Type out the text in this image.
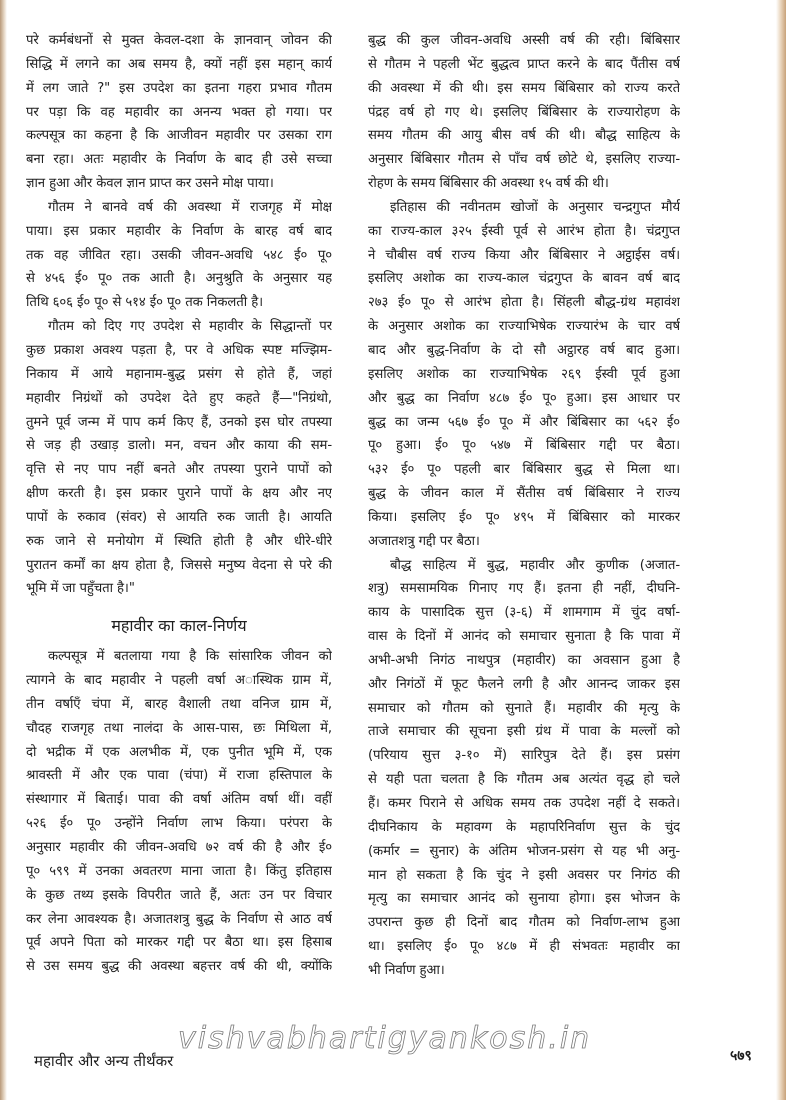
परे कर्मबंधनों से मुक्त केवल-दशा के ज्ञानवान् जोवन की
सिद्धि में लगने का अब समय है, क्यों नहीं इस महान् कार्य
में लग जाते ?" इस उपदेश का इतना गहरा प्रभाव गौतम
पर पड़ा कि वह महावीर का अनन्य भक्त हो गया। पर
कल्पसूत्र का कहना है कि आजीवन महावीर पर उसका राग
बना रहा। अतः महावीर के निर्वाण के बाद ही उसे सच्चा
ज्ञान हुआ और केवल ज्ञान प्राप्त कर उसने मोक्ष पाया।
गौतम ने बानवे वर्ष की अवस्था में राजगृह में मोक्ष
पाया। इस प्रकार महावीर के निर्वाण के बारह वर्ष बाद
तक वह जीवित रहा। उसकी जीवन-अवधि ५४८ ई० पू०
से ४५६ ई० पू० तक आती है। अनुश्रुति के अनुसार यह
तिथि ६०६ ई० पू० से ५१४ ई० पू० तक निकलती है।
गौतम को दिए गए उपदेश से महावीर के सिद्धान्तों पर
कुछ प्रकाश अवश्य पड़ता है, पर वे अधिक स्पष्ट मज्झिम-
निकाय में आये महानाम-बुद्ध प्रसंग से होते हैं, जहां
महावीर निग्रंथों को उपदेश देते हुए कहते हैं—"निग्रंथो,
तुमने पूर्व जन्म में पाप कर्म किए हैं, उनको इस घोर तपस्या
से जड़ ही उखाड़ डालो। मन, वचन और काया की सम-
वृत्ति से नए पाप नहीं बनते और तपस्या पुराने पापों को
क्षीण करती है। इस प्रकार पुराने पापों के क्षय और नए
पापों के रुकाव (संवर) से आयति रुक जाती है। आयति
रुक जाने से मनोयोग में स्थिति होती है और धीरे-धीरे
पुरातन कर्मों का क्षय होता है, जिससे मनुष्य वेदना से परे की
भूमि में जा पहुँचता है।"
महावीर का काल-निर्णय
कल्पसूत्र में बतलाया गया है कि सांसारिक जीवन को
त्यागने के बाद महावीर ने पहली वर्षा अास्थिक ग्राम में,
तीन वर्षाएँ चंपा में, बारह वैशाली तथा वनिज ग्राम में,
चौदह राजगृह तथा नालंदा के आस-पास, छः मिथिला में,
दो भद्रीक में एक अलभीक में, एक पुनीत भूमि में, एक
श्रावस्ती में और एक पावा (चंपा) में राजा हस्तिपाल के
संस्थागार में बिताई। पावा की वर्षा अंतिम वर्षा थीं। वहीं
५२६ ई० पू० उन्होंने निर्वाण लाभ किया। परंपरा के
अनुसार महावीर की जीवन-अवधि ७२ वर्ष की है और ई०
पू० ५९९ में उनका अवतरण माना जाता है। किंतु इतिहास
के कुछ तथ्य इसके विपरीत जाते हैं, अतः उन पर विचार
कर लेना आवश्यक है। अजातशत्रु बुद्ध के निर्वाण से आठ वर्ष
पूर्व अपने पिता को मारकर गद्दी पर बैठा था। इस हिसाब
से उस समय बुद्ध की अवस्था बहत्तर वर्ष की थी, क्योंकि
बुद्ध की कुल जीवन-अवधि अस्सी वर्ष की रही। बिंबिसार
से गौतम ने पहली भेंट बुद्धत्व प्राप्त करने के बाद पैंतीस वर्ष
की अवस्था में की थी। इस समय बिंबिसार को राज्य करते
पंद्रह वर्ष हो गए थे। इसलिए बिंबिसार के राज्यारोहण के
समय गौतम की आयु बीस वर्ष की थी। बौद्ध साहित्य के
अनुसार बिंबिसार गौतम से पाँच वर्ष छोटे थे, इसलिए राज्या-
रोहण के समय बिंबिसार की अवस्था १५ वर्ष की थी।
इतिहास की नवीनतम खोजों के अनुसार चन्द्रगुप्त मौर्य
का राज्य-काल ३२५ ईस्वी पूर्व से आरंभ होता है। चंद्रगुप्त
ने चौबीस वर्ष राज्य किया और बिंबिसार ने अट्ठाईस वर्ष।
इसलिए अशोक का राज्य-काल चंद्रगुप्त के बावन वर्ष बाद
२७३ ई० पू० से आरंभ होता है। सिंहली बौद्ध-ग्रंथ महावंश
के अनुसार अशोक का राज्याभिषेक राज्यारंभ के चार वर्ष
बाद और बुद्ध-निर्वाण के दो सौ अट्ठारह वर्ष बाद हुआ।
इसलिए अशोक का राज्याभिषेक २६९ ईस्वी पूर्व हुआ
और बुद्ध का निर्वाण ४८७ ई० पू० हुआ। इस आधार पर
बुद्ध का जन्म ५६७ ई० पू० में और बिंबिसार का ५६२ ई०
पू० हुआ। ई० पू० ५४७ में बिंबिसार गद्दी पर बैठा।
५३२ ई० पू० पहली बार बिंबिसार बुद्ध से मिला था।
बुद्ध के जीवन काल में सैंतीस वर्ष बिंबिसार ने राज्य
किया। इसलिए ई० पू० ४९५ में बिंबिसार को मारकर
अजातशत्रु गद्दी पर बैठा।
बौद्ध साहित्य में बुद्ध, महावीर और कुणीक (अजात-
शत्रु) समसामयिक गिनाए गए हैं। इतना ही नहीं, दीघनि-
काय के पासादिक सुत्त (३-६) में शामगाम में चुंद वर्षा-
वास के दिनों में आनंद को समाचार सुनाता है कि पावा में
अभी-अभी निगंठ नाथपुत्र (महावीर) का अवसान हुआ है
और निगंठों में फूट फैलने लगी है और आनन्द जाकर इस
समाचार को गौतम को सुनाते हैं। महावीर की मृत्यु के
ताजे समाचार की सूचना इसी ग्रंथ में पावा के मल्लों को
(परियाय सुत्त ३-१० में) सारिपुत्र देते हैं। इस प्रसंग
से यही पता चलता है कि गौतम अब अत्यंत वृद्ध हो चले
हैं। कमर पिराने से अधिक समय तक उपदेश नहीं दे सकते।
दीघनिकाय के महावग्ग के महापरिनिर्वाण सुत्त के चुंद
(कर्मार = सुनार) के अंतिम भोजन-प्रसंग से यह भी अनु-
मान हो सकता है कि चुंद ने इसी अवसर पर निगंठ की
मृत्यु का समाचार आनंद को सुनाया होगा। इस भोजन के
उपरान्त कुछ ही दिनों बाद गौतम को निर्वाण-लाभ हुआ
था। इसलिए ई० पू० ४८७ में ही संभवतः महावीर का
भी निर्वाण हुआ।
vishvabhartigyankosh.in
महावीर और अन्य तीर्थंकर	५७९
